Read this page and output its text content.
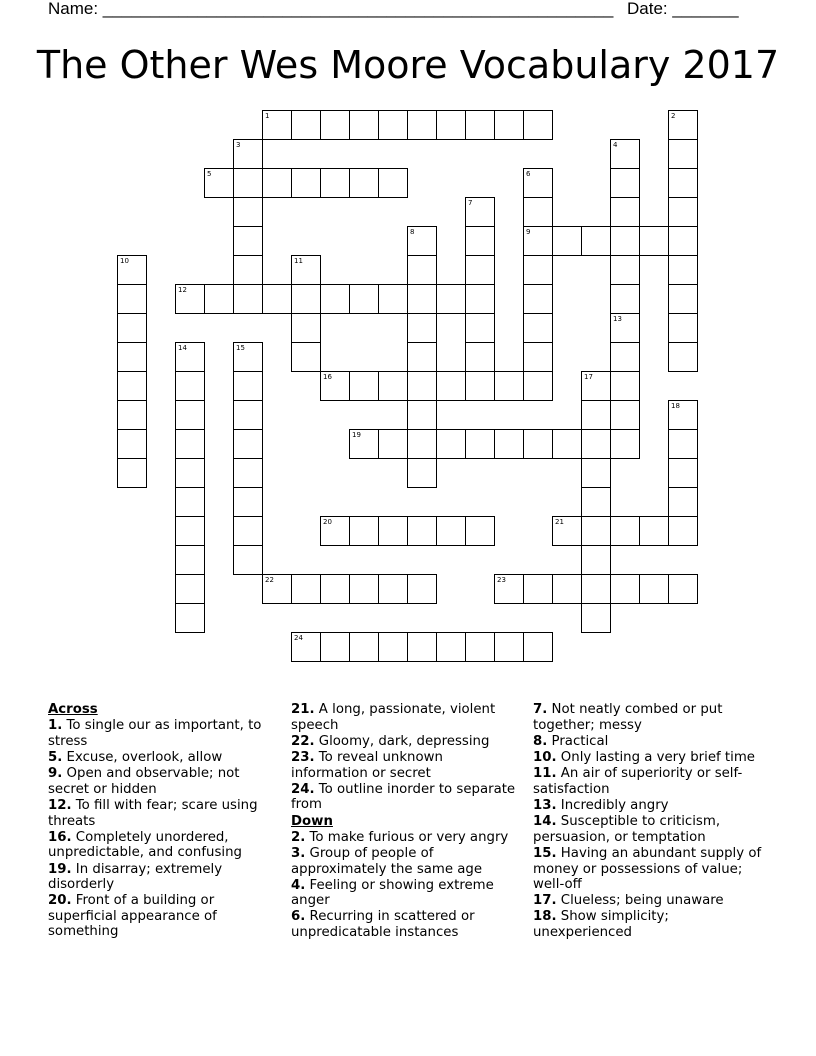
Name: ______________________________________________________ Date: _______
The Other Wes Moore Vocabulary 2017
1	2
3	4
5	6
9
7
8
10	11
12
13
14	15
16	17
18
19
20	21
22	23
24
Across
1. To single our as important, to stress
5. Excuse, overlook, allow
9. Open and observable; not secret or hidden
12. To fill with fear; scare using threats
16. Completely unordered, unpredictable, and confusing
19. In disarray; extremely disorderly
20. Front of a building or superficial appearance of something
21. A long, passionate, violent speech
22. Gloomy, dark, depressing
23. To reveal unknown information or secret
24. To outline inorder to separate from
Down
2. To make furious or very angry
3. Group of people of approximately the same age
4. Feeling or showing extreme anger
6. Recurring in scattered or unpredicatable instances
7. Not neatly combed or put together; messy
8. Practical
10. Only lasting a very brief time
11. An air of superiority or self-satisfaction
13. Incredibly angry
14. Susceptible to criticism, persuasion, or temptation
15. Having an abundant supply of money or possessions of value; well-off
17. Clueless; being unaware
18. Show simplicity; unexperienced
